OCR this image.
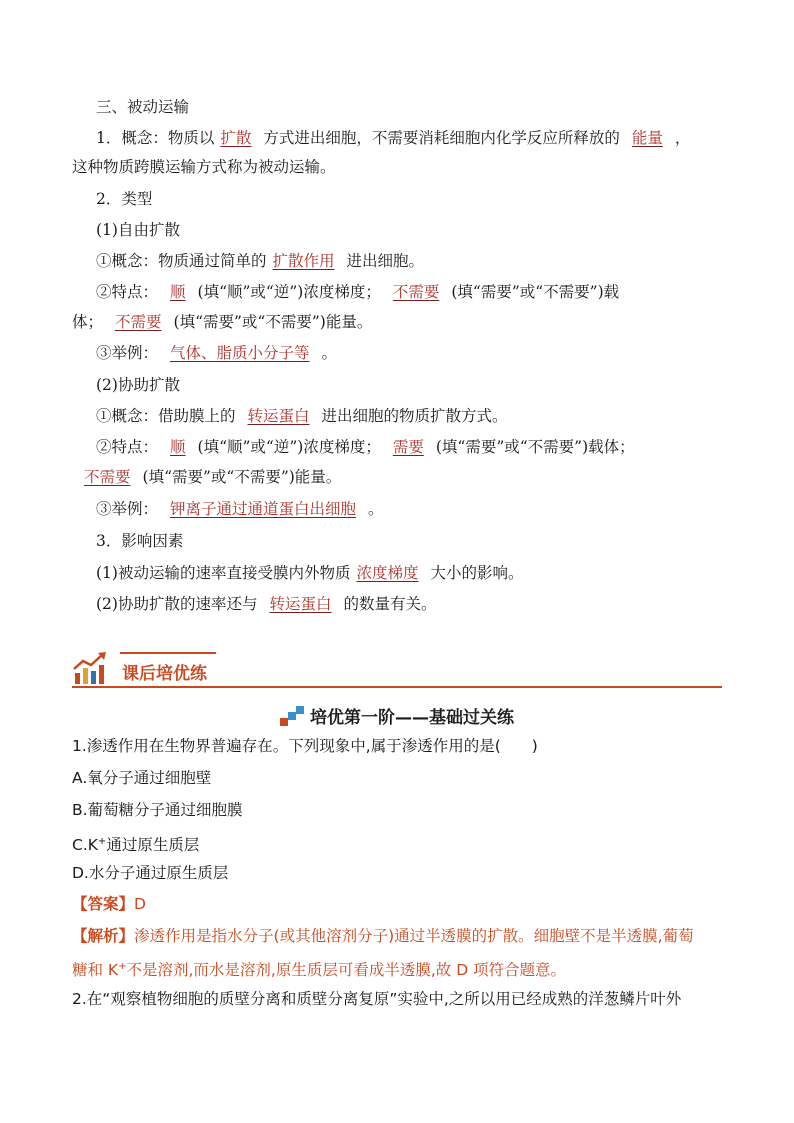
三、被动运输
1．概念：物质以 扩散 方式进出细胞，不需要消耗细胞内化学反应所释放的 能量 ，
这种物质跨膜运输方式称为被动运输。
2．类型
(1)自由扩散
①概念：物质通过简单的 扩散作用 进出细胞。
②特点： 顺 (填“顺”或“逆”)浓度梯度； 不需要 (填“需要”或“不需要”)载
体； 不需要 (填“需要”或“不需要”)能量。
③举例： 气体、脂质小分子等 。
(2)协助扩散
①概念：借助膜上的 转运蛋白 进出细胞的物质扩散方式。
②特点： 顺 (填“顺”或“逆”)浓度梯度； 需要 (填“需要”或“不需要”)载体；
不需要 (填“需要”或“不需要”)能量。
③举例： 钾离子通过通道蛋白出细胞 。
3．影响因素
(1)被动运输的速率直接受膜内外物质 浓度梯度 大小的影响。
(2)协助扩散的速率还与 转运蛋白 的数量有关。
课后培优练
培优第一阶——基础过关练
1.渗透作用在生物界普遍存在。下列现象中,属于渗透作用的是(　　)
A.氧分子通过细胞壁
B.葡萄糖分子通过细胞膜
C.K+通过原生质层
D.水分子通过原生质层
【答案】D
【解析】渗透作用是指水分子(或其他溶剂分子)通过半透膜的扩散。细胞壁不是半透膜,葡萄
糖和 K+不是溶剂,而水是溶剂,原生质层可看成半透膜,故 D 项符合题意。
2.在“观察植物细胞的质壁分离和质壁分离复原”实验中,之所以用已经成熟的洋葱鳞片叶外
